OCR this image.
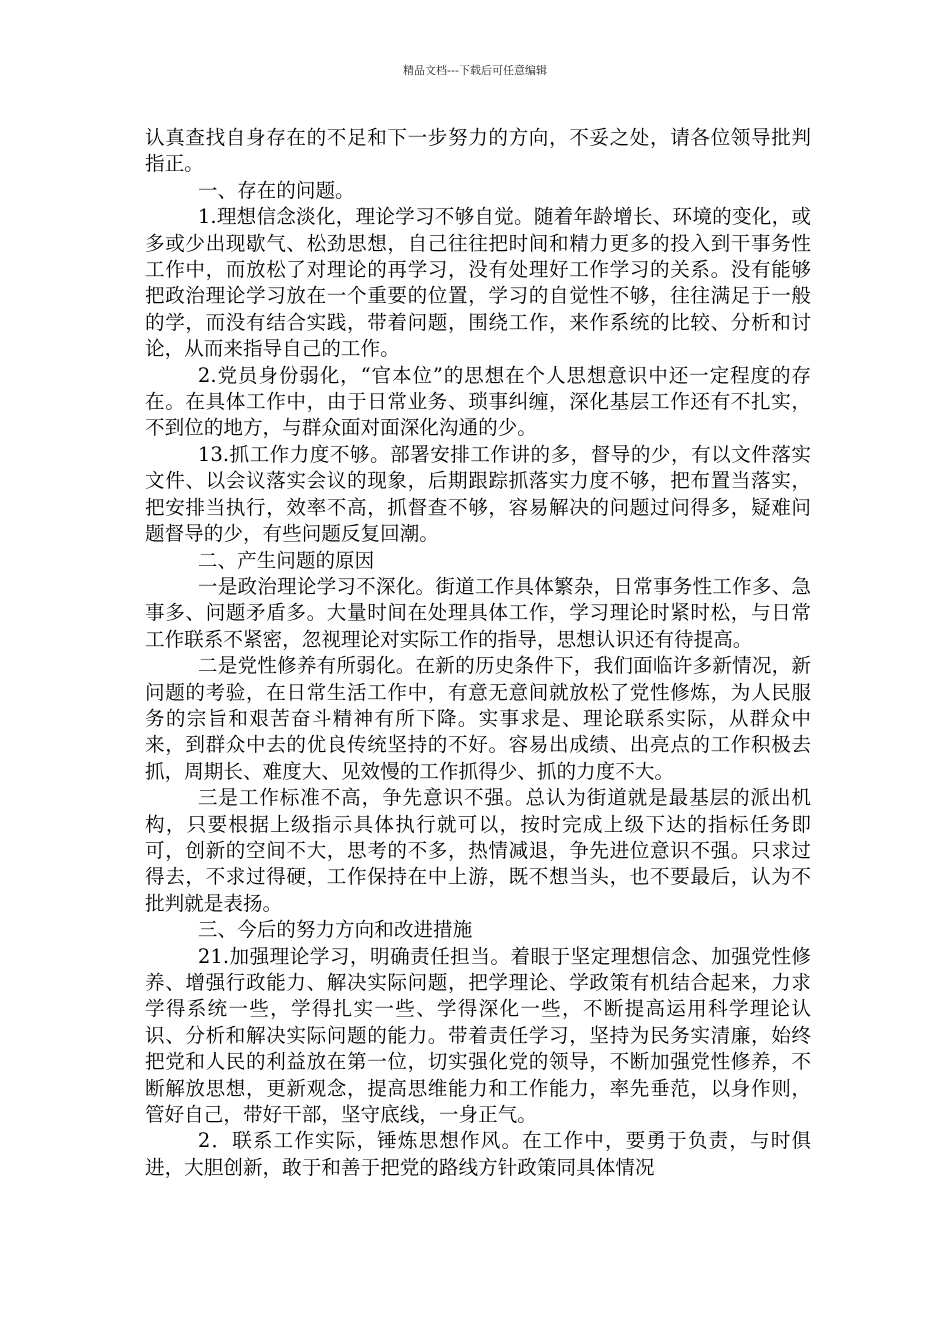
精品文档---下载后可任意编辑

认真查找自身存在的不足和下一步努力的方向，不妥之处，请各位领导批判指正。

一、存在的问题。

1.理想信念淡化，理论学习不够自觉。随着年龄增长、环境的变化，或多或少出现歇气、松劲思想，自己往往把时间和精力更多的投入到干事务性工作中，而放松了对理论的再学习，没有处理好工作学习的关系。没有能够把政治理论学习放在一个重要的位置，学习的自觉性不够，往往满足于一般的学，而没有结合实践，带着问题，围绕工作，来作系统的比较、分析和讨论，从而来指导自己的工作。

2.党员身份弱化，“官本位”的思想在个人思想意识中还一定程度的存在。在具体工作中，由于日常业务、琐事纠缠，深化基层工作还有不扎实，不到位的地方，与群众面对面深化沟通的少。

13.抓工作力度不够。部署安排工作讲的多，督导的少，有以文件落实文件、以会议落实会议的现象，后期跟踪抓落实力度不够，把布置当落实，把安排当执行，效率不高，抓督查不够，容易解决的问题过问得多，疑难问题督导的少，有些问题反复回潮。

二、产生问题的原因

一是政治理论学习不深化。街道工作具体繁杂，日常事务性工作多、急事多、问题矛盾多。大量时间在处理具体工作，学习理论时紧时松，与日常工作联系不紧密，忽视理论对实际工作的指导，思想认识还有待提高。

二是党性修养有所弱化。在新的历史条件下，我们面临许多新情况，新问题的考验，在日常生活工作中，有意无意间就放松了党性修炼，为人民服务的宗旨和艰苦奋斗精神有所下降。实事求是、理论联系实际，从群众中来，到群众中去的优良传统坚持的不好。容易出成绩、出亮点的工作积极去抓，周期长、难度大、见效慢的工作抓得少、抓的力度不大。

三是工作标准不高，争先意识不强。总认为街道就是最基层的派出机构，只要根据上级指示具体执行就可以，按时完成上级下达的指标任务即可，创新的空间不大，思考的不多，热情减退，争先进位意识不强。只求过得去，不求过得硬，工作保持在中上游，既不想当头，也不要最后，认为不批判就是表扬。

三、今后的努力方向和改进措施

21.加强理论学习，明确责任担当。着眼于坚定理想信念、加强党性修养、增强行政能力、解决实际问题，把学理论、学政策有机结合起来，力求学得系统一些，学得扎实一些、学得深化一些，不断提高运用科学理论认识、分析和解决实际问题的能力。带着责任学习，坚持为民务实清廉，始终把党和人民的利益放在第一位，切实强化党的领导，不断加强党性修养，不断解放思想，更新观念，提高思维能力和工作能力，率先垂范，以身作则，管好自己，带好干部，坚守底线，一身正气。

2．联系工作实际，锤炼思想作风。在工作中，要勇于负责，与时俱进，大胆创新，敢于和善于把党的路线方针政策同具体情况
